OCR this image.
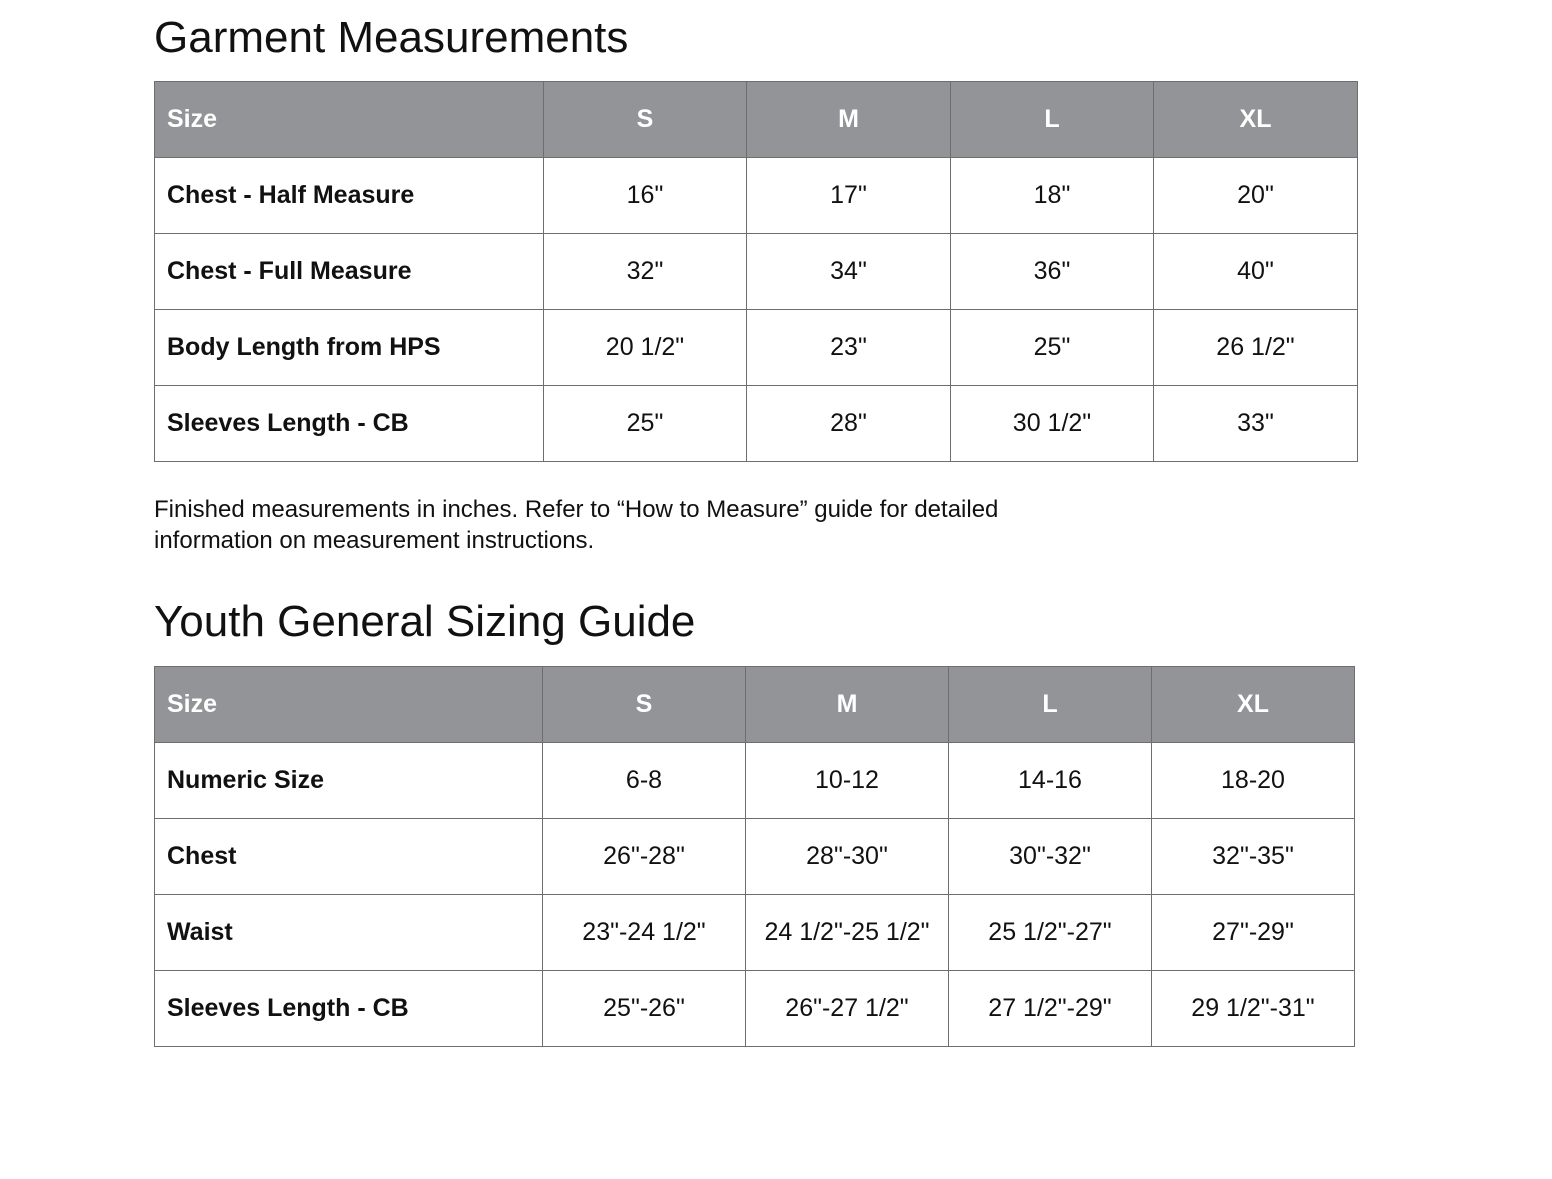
Garment Measurements
Size	S	M	L	XL
Chest - Half Measure	16"	17"	18"	20"
Chest - Full Measure	32"	34"	36"	40"
Body Length from HPS	20 1/2"	23"	25"	26 1/2"
Sleeves Length - CB	25"	28"	30 1/2"	33"

Finished measurements in inches. Refer to “How to Measure” guide for detailed
information on measurement instructions.

Youth General Sizing Guide
Size	S	M	L	XL
Numeric Size	6-8	10-12	14-16	18-20
Chest	26"-28"	28"-30"	30"-32"	32"-35"
Waist	23"-24 1/2"	24 1/2"-25 1/2"	25 1/2"-27"	27"-29"
Sleeves Length - CB	25"-26"	26"-27 1/2"	27 1/2"-29"	29 1/2"-31"
